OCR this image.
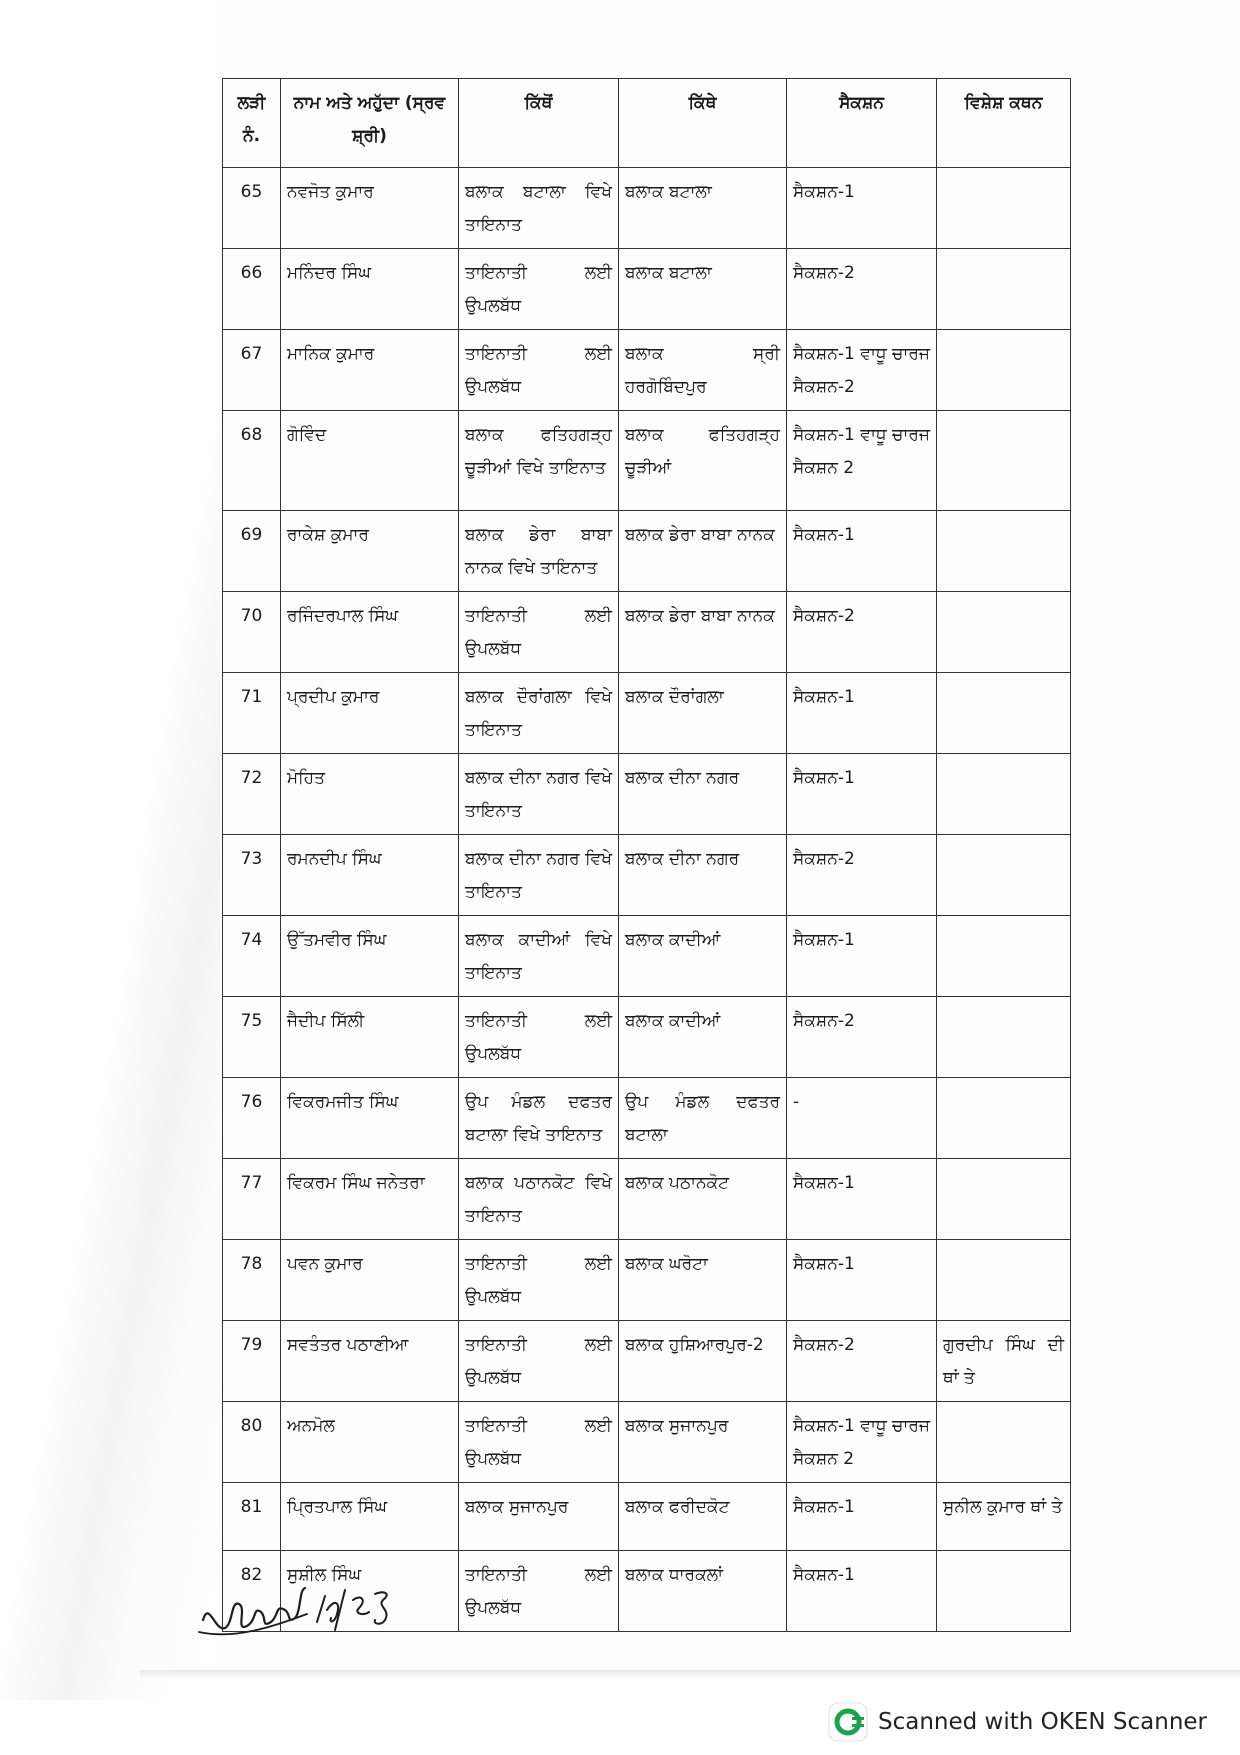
ਲੜੀ ਨੰ.	ਨਾਮ ਅਤੇ ਅਹੁੱਦਾ (ਸ੍ਰਵ ਸ਼੍ਰੀ)	ਕਿੱਥੋਂ	ਕਿੱਥੇ	ਸੈਕਸ਼ਨ	ਵਿਸ਼ੇਸ਼ ਕਥਨ
65	ਨਵਜੋਤ ਕੁਮਾਰ	ਬਲਾਕ ਬਟਾਲਾ ਵਿਖੇ ਤਾਇਨਾਤ	ਬਲਾਕ ਬਟਾਲਾ	ਸੈਕਸ਼ਨ-1	
66	ਮਨਿੰਦਰ ਸਿੰਘ	ਤਾਇਨਾਤੀ ਲਈ ਉਪਲਬੱਧ	ਬਲਾਕ ਬਟਾਲਾ	ਸੈਕਸ਼ਨ-2	
67	ਮਾਨਿਕ ਕੁਮਾਰ	ਤਾਇਨਾਤੀ ਲਈ ਉਪਲਬੱਧ	ਬਲਾਕ ਸ੍ਰੀ ਹਰਗੋਬਿੰਦਪੁਰ	ਸੈਕਸ਼ਨ-1 ਵਾਧੂ ਚਾਰਜ ਸੈਕਸ਼ਨ-2	
68	ਗੋਵਿੰਦ	ਬਲਾਕ ਫਤਿਹਗੜ੍ਹ ਚੂੜੀਆਂ ਵਿਖੇ ਤਾਇਨਾਤ	ਬਲਾਕ ਫਤਿਹਗੜ੍ਹ ਚੂੜੀਆਂ	ਸੈਕਸ਼ਨ-1 ਵਾਧੂ ਚਾਰਜ ਸੈਕਸ਼ਨ 2	
69	ਰਾਕੇਸ਼ ਕੁਮਾਰ	ਬਲਾਕ ਡੇਰਾ ਬਾਬਾ ਨਾਨਕ ਵਿਖੇ ਤਾਇਨਾਤ	ਬਲਾਕ ਡੇਰਾ ਬਾਬਾ ਨਾਨਕ	ਸੈਕਸ਼ਨ-1	
70	ਰਜਿੰਦਰਪਾਲ ਸਿੰਘ	ਤਾਇਨਾਤੀ ਲਈ ਉਪਲਬੱਧ	ਬਲਾਕ ਡੇਰਾ ਬਾਬਾ ਨਾਨਕ	ਸੈਕਸ਼ਨ-2	
71	ਪ੍ਰਦੀਪ ਕੁਮਾਰ	ਬਲਾਕ ਦੌਰਾਂਗਲਾ ਵਿਖੇ ਤਾਇਨਾਤ	ਬਲਾਕ ਦੌਰਾਂਗਲਾ	ਸੈਕਸ਼ਨ-1	
72	ਮੋਹਿਤ	ਬਲਾਕ ਦੀਨਾ ਨਗਰ ਵਿਖੇ ਤਾਇਨਾਤ	ਬਲਾਕ ਦੀਨਾ ਨਗਰ	ਸੈਕਸ਼ਨ-1	
73	ਰਮਨਦੀਪ ਸਿੰਘ	ਬਲਾਕ ਦੀਨਾ ਨਗਰ ਵਿਖੇ ਤਾਇਨਾਤ	ਬਲਾਕ ਦੀਨਾ ਨਗਰ	ਸੈਕਸ਼ਨ-2	
74	ਉੱਤਮਵੀਰ ਸਿੰਘ	ਬਲਾਕ ਕਾਦੀਆਂ ਵਿਖੇ ਤਾਇਨਾਤ	ਬਲਾਕ ਕਾਦੀਆਂ	ਸੈਕਸ਼ਨ-1	
75	ਜੈਦੀਪ ਸਿੱਲੀ	ਤਾਇਨਾਤੀ ਲਈ ਉਪਲਬੱਧ	ਬਲਾਕ ਕਾਦੀਆਂ	ਸੈਕਸ਼ਨ-2	
76	ਵਿਕਰਮਜੀਤ ਸਿੰਘ	ਉਪ ਮੰਡਲ ਦਫਤਰ ਬਟਾਲਾ ਵਿਖੇ ਤਾਇਨਾਤ	ਉਪ ਮੰਡਲ ਦਫਤਰ ਬਟਾਲਾ	-	
77	ਵਿਕਰਮ ਸਿੰਘ ਜਨੇਤਰਾ	ਬਲਾਕ ਪਠਾਨਕੋਟ ਵਿਖੇ ਤਾਇਨਾਤ	ਬਲਾਕ ਪਠਾਨਕੋਟ	ਸੈਕਸ਼ਨ-1	
78	ਪਵਨ ਕੁਮਾਰ	ਤਾਇਨਾਤੀ ਲਈ ਉਪਲਬੱਧ	ਬਲਾਕ ਘਰੋਟਾ	ਸੈਕਸ਼ਨ-1	
79	ਸਵਤੰਤਰ ਪਠਾਣੀਆ	ਤਾਇਨਾਤੀ ਲਈ ਉਪਲਬੱਧ	ਬਲਾਕ ਹੁਸ਼ਿਆਰਪੁਰ-2	ਸੈਕਸ਼ਨ-2	ਗੁਰਦੀਪ ਸਿੰਘ ਦੀ ਥਾਂ ਤੇ
80	ਅਨਮੋਲ	ਤਾਇਨਾਤੀ ਲਈ ਉਪਲਬੱਧ	ਬਲਾਕ ਸੁਜਾਨਪੁਰ	ਸੈਕਸ਼ਨ-1 ਵਾਧੂ ਚਾਰਜ ਸੈਕਸ਼ਨ 2	
81	ਪ੍ਰਿਤਪਾਲ ਸਿੰਘ	ਬਲਾਕ ਸੁਜਾਨਪੁਰ	ਬਲਾਕ ਫਰੀਦਕੋਟ	ਸੈਕਸ਼ਨ-1	ਸੁਨੀਲ ਕੁਮਾਰ ਥਾਂ ਤੇ
82	ਸੁਸ਼ੀਲ ਸਿੰਘ	ਤਾਇਨਾਤੀ ਲਈ ਉਪਲਬੱਧ	ਬਲਾਕ ਧਾਰਕਲਾਂ	ਸੈਕਸ਼ਨ-1	
Scanned with OKEN Scanner
